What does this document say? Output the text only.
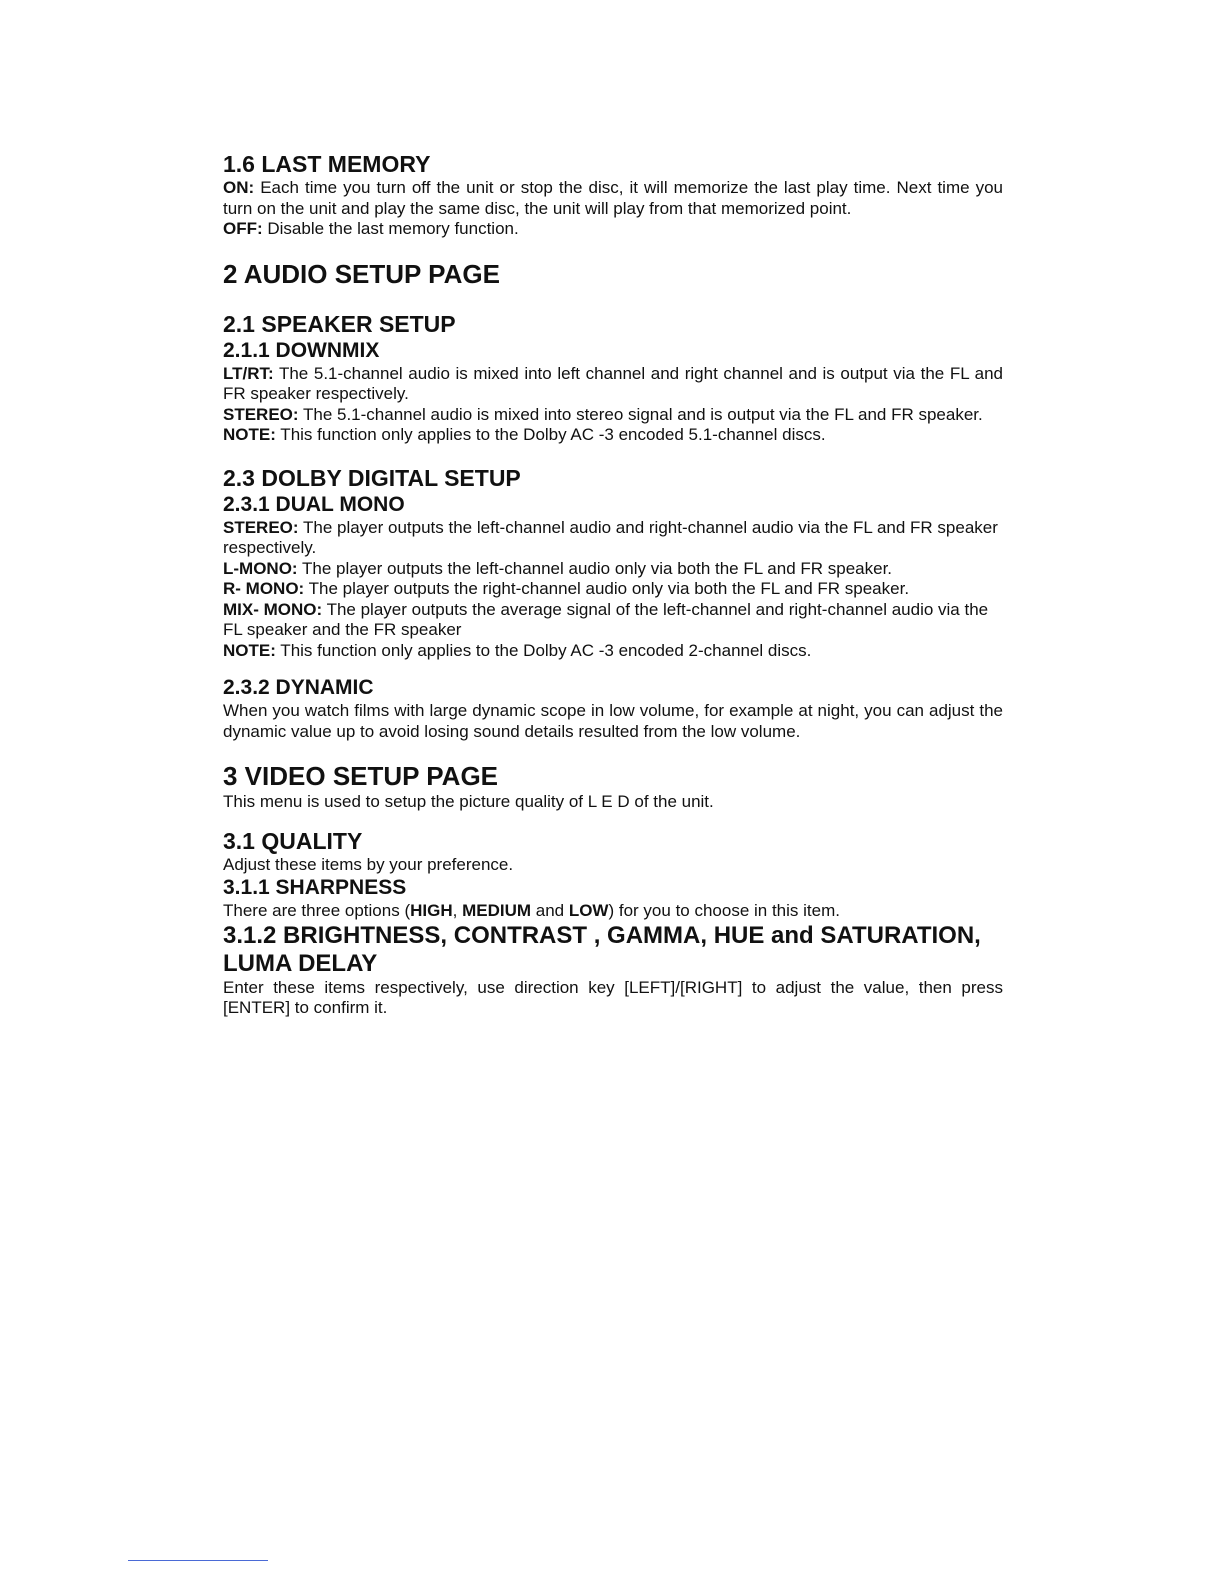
1.6 LAST MEMORY

ON: Each time you turn off the unit or stop the disc, it will memorize the last play time. Next time you turn on the unit and play the same disc, the unit will play from that memorized point.

OFF: Disable the last memory function.

2 AUDIO SETUP PAGE
2.1 SPEAKER SETUP
2.1.1 DOWNMIX

LT/RT: The 5.1-channel audio is mixed into left channel and right channel and is output via the FL and FR speaker respectively.

STEREO: The 5.1-channel audio is mixed into stereo signal and is output via the FL and FR speaker.

NOTE: This function only applies to the Dolby AC -3 encoded 5.1-channel discs.

2.3 DOLBY DIGITAL SETUP
2.3.1 DUAL MONO

STEREO: The player outputs the left-channel audio and right-channel audio via the FL and FR speaker respectively.

L-MONO: The player outputs the left-channel audio only via both the FL and FR speaker.

R- MONO: The player outputs the right-channel audio only via both the FL and FR speaker.

MIX- MONO: The player outputs the average signal of the left-channel and right-channel audio via the FL speaker and the FR speaker

NOTE: This function only applies to the Dolby AC -3 encoded 2-channel discs.

2.3.2 DYNAMIC

When you watch films with large dynamic scope in low volume, for example at night, you can adjust the dynamic value up to avoid losing sound details resulted from the low volume.

3 VIDEO SETUP PAGE

This menu is used to setup the picture quality of L E D of the unit.

3.1 QUALITY

Adjust these items by your preference.

3.1.1 SHARPNESS

There are three options (HIGH, MEDIUM and LOW) for you to choose in this item.

3.1.2 BRIGHTNESS, CONTRAST , GAMMA, HUE and SATURATION, LUMA DELAY

Enter these items respectively, use direction key [LEFT]/[RIGHT] to adjust the value, then press [ENTER] to confirm it.
